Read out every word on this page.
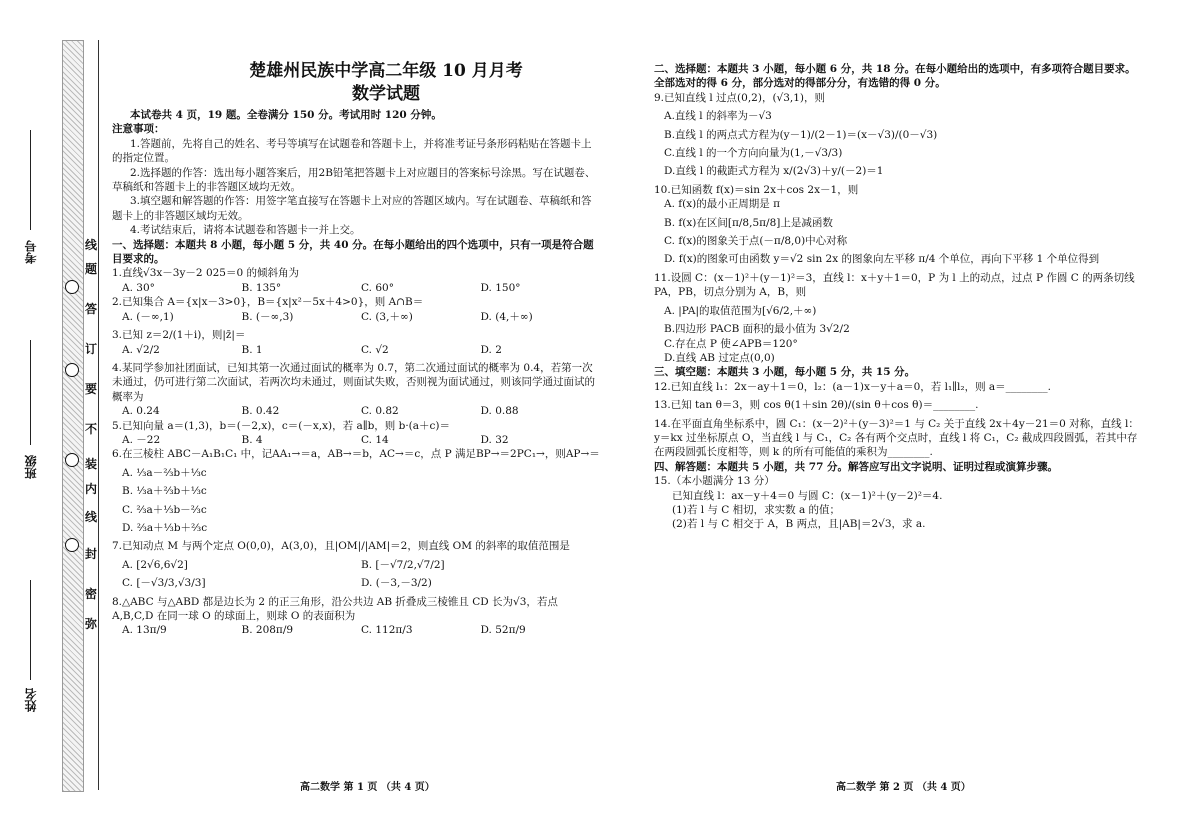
考号
班级
姓名
线
题
答
订
要
不
装
内
线
封
密
弥
楚雄州民族中学高二年级 10 月月考
数学试题
本试卷共 4 页，19 题。全卷满分 150 分。考试用时 120 分钟。
注意事项：
1.答题前，先将自己的姓名、考号等填写在试题卷和答题卡上，并将准考证号条形码粘贴在答题卡上的指定位置。
2.选择题的作答：选出每小题答案后，用2B铅笔把答题卡上对应题目的答案标号涂黑。写在试题卷、草稿纸和答题卡上的非答题区域均无效。
3.填空题和解答题的作答：用签字笔直接写在答题卡上对应的答题区域内。写在试题卷、草稿纸和答题卡上的非答题区域均无效。
4.考试结束后，请将本试题卷和答题卡一并上交。
一、选择题：本题共 8 小题，每小题 5 分，共 40 分。在每小题给出的四个选项中，只有一项是符合题目要求的。
1.直线√3x－3y－2 025＝0 的倾斜角为
A. 30°	B. 135°	C. 60°	D. 150°
2.已知集合 A＝{x|x－3>0}，B＝{x|x²－5x＋4>0}，则 A∩B＝
A. (－∞,1)	B. (－∞,3)	C. (3,＋∞)	D. (4,＋∞)
3.已知 z＝2/(1＋i)，则|z̄|＝
A. √2/2	B. 1	C. √2	D. 2
4.某同学参加社团面试，已知其第一次通过面试的概率为 0.7，第二次通过面试的概率为 0.4，若第一次未通过，仍可进行第二次面试，若两次均未通过，则面试失败，否则视为面试通过，则该同学通过面试的概率为
A. 0.24	B. 0.42	C. 0.82	D. 0.88
5.已知向量 a＝(1,3)，b＝(－2,x)，c＝(－x,x)，若 a∥b，则 b·(a＋c)＝
A. －22	B. 4	C. 14	D. 32
6.在三棱柱 ABC－A₁B₁C₁ 中，记AA₁→＝a，AB→＝b，AC→＝c，点 P 满足BP→＝2PC₁→，则AP→＝
A. ⅓a－⅔b＋⅓c
B. ⅓a＋⅔b＋⅓c
C. ⅔a＋⅓b－⅔c
D. ⅔a＋⅓b＋⅔c
7.已知动点 M 与两个定点 O(0,0)，A(3,0)，且|OM|/|AM|＝2，则直线 OM 的斜率的取值范围是
A. [2√6,6√2]	B. [－√7/2,√7/2]
C. [－√3/3,√3/3]	D. (－3,－3/2)
8.△ABC 与△ABD 都是边长为 2 的正三角形，沿公共边 AB 折叠成三棱锥且 CD 长为√3，若点 A,B,C,D 在同一球 O 的球面上，则球 O 的表面积为
A. 13π/9	B. 208π/9	C. 112π/3	D. 52π/9
二、选择题：本题共 3 小题，每小题 6 分，共 18 分。在每小题给出的选项中，有多项符合题目要求。全部选对的得 6 分，部分选对的得部分分，有选错的得 0 分。
9.已知直线 l 过点(0,2)，(√3,1)，则
A.直线 l 的斜率为－√3
B.直线 l 的两点式方程为(y－1)/(2－1)＝(x－√3)/(0－√3)
C.直线 l 的一个方向向量为(1,－√3/3)
D.直线 l 的截距式方程为 x/(2√3)＋y/(－2)＝1
10.已知函数 f(x)＝sin 2x＋cos 2x－1，则
A. f(x)的最小正周期是 π
B. f(x)在区间[π/8,5π/8]上是减函数
C. f(x)的图象关于点(－π/8,0)中心对称
D. f(x)的图象可由函数 y＝√2 sin 2x 的图象向左平移 π/4 个单位，再向下平移 1 个单位得到
11.设圆 C：(x－1)²＋(y－1)²＝3，直线 l：x＋y＋1＝0，P 为 l 上的动点，过点 P 作圆 C 的两条切线 PA，PB，切点分别为 A，B，则
A. |PA|的取值范围为[√6/2,＋∞)
B.四边形 PACB 面积的最小值为 3√2/2
C.存在点 P 使∠APB＝120°
D.直线 AB 过定点(0,0)
三、填空题：本题共 3 小题，每小题 5 分，共 15 分。
12.已知直线 l₁：2x－ay＋1＝0，l₂：(a－1)x－y＋a＝0，若 l₁∥l₂，则 a＝________.
13.已知 tan θ＝3，则 cos θ(1＋sin 2θ)/(sin θ＋cos θ)＝________.
14.在平面直角坐标系中，圆 C₁：(x－2)²＋(y－3)²＝1 与 C₂ 关于直线 2x＋4y－21＝0 对称，直线 l：y＝kx 过坐标原点 O，当直线 l 与 C₁，C₂ 各有两个交点时，直线 l 将 C₁，C₂ 截成四段圆弧，若其中存在两段圆弧长度相等，则 k 的所有可能值的乘积为________.
四、解答题：本题共 5 小题，共 77 分。解答应写出文字说明、证明过程或演算步骤。
15.（本小题满分 13 分）
已知直线 l：ax－y＋4＝0 与圆 C：(x－1)²＋(y－2)²＝4.
(1)若 l 与 C 相切，求实数 a 的值；
(2)若 l 与 C 相交于 A，B 两点，且|AB|＝2√3，求 a.
高二数学 第 1 页 （共 4 页）	高二数学 第 2 页 （共 4 页）
